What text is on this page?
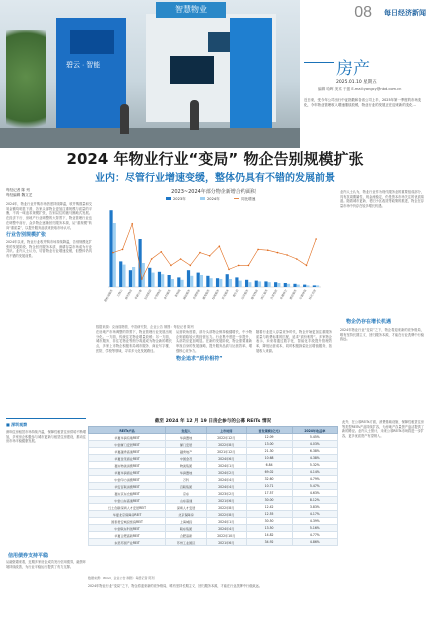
碧云 · 智能
智慧物业	08 每日经济新闻
房产
2025.01.10 星期五
编辑 哈晖 美术 于振 E-mail:yangcy@nbd.com.cn
近日来，受今年公司出行中证指数和各省公司上半，2025年第一季度的市场变化，今年物业管理收入增速继续放缓，物业行业的发展正在迎来新的变化…
2024 年物业行业“变局” 物企告别规模扩张
业内：尽管行业增速变缓，整体仍具有不错的发展前景
每经记者 陈 列
每经编辑 魏文艺
2024年，物业行业并购市场热度持续降温，收并购数量和交易金额均明显下滑，各家头部物企更加注重规模与质量的平衡，不再一味追求规模扩张，告别以往的跑马圈地式发展。在经济下行、房地产行业调整的大背景下，物业管理行业也在调整中前行，众多物企逐渐回归服务本源，从“重规模”转向“重质量”，以提升服务品质来获取市场认可。
行业告别规模扩张
2024年以来，物业行业收并购市场持续降温，告别规模化扩张的发展阶段，物企回归服务本质、深耕存量市场成为行业共识。业内人士认为，尽管物业行业增速变缓，但整体仍具有不错的发展前景。
2023~2024年部分物企新增合约面积
2023年	2024年	同比增速
碧桂园服务 万物云 保利物业 华润万象 招商积余 中海物业 金科服务 新城悦 融创服务 龙湖智创 越秀服务 绿城服务 世茂服务 雅生活 远洋服务 建发物业 滨江服务 合景悠活 卓越商企 德信服务 中骏商管 时代邻里
在房地产市场调整的背景下，物业管理行业发展出现分化。一方面，传统住宅物业增量放缓；另一方面，城市服务、非住宅物业等细分赛道成为物企新的增长点，多家上市物企积极布局城市服务、商业写字楼、医院、学校等领域，寻求多元化发展路径。
从营收角度看，部分头部物企保持稳健增长，中小物企则面临较大的经营压力。行业集中度进一步提升，头部效应更加明显。在新的发展阶段，物企需要重新审视自身的发展战略，提升服务品质与运营效率，增强核心竞争力。
物企追求“质价相符”
随着行业进入存量竞争时代，物企开始更加注重服务质量与收费标准的匹配，追求“质价相符”。多家物企表示，未来将通过数字化、智能化手段提升管理效率，降低运营成本，同时积极探索社区增值服务，拓展收入来源。
业内人士认为，物业行业作为现代服务业的重要组成部分，具有抗周期属性，现金流稳定，仍是资本市场关注的优质赛道。随着城市更新、老旧小区改造等政策的推进，物企在存量市场中仍存在较多增长机遇。
物企仍存在增长机遇
2024年物业行业“变局”之下，物企将迎来新的竞争格局，唯有坚持长期主义、回归服务本源，才能在行业洗牌中行稳致远。
■ 深圳观察
深圳住房租赁市场持续升温，保障性租赁住房供给不断增加，多家房企积极参与城市更新与租赁住房建设，推动住房市场平稳健康发展。
信用债券支持平稳
从融资端来看，近期多家房企成功发行信用债券，融资环境持续改善，为行业平稳运行提供了有力支撑。
截至 2024 年 12 月 19 日房企参与的公募 REITs 情况
REITs产品	发起人	上市时间	首发规模(亿元)	2024年收益率
华夏华润有巢REIT	华润置地	2022年12月	12.09	5.45%
中金厦门安居REIT	厦门安居	2022年8月	13.00	4.03%
华夏越秀高速REIT	越秀地产	2021年12月	21.30	6.38%
华夏金茂商业REIT	中国金茂	2024年6月	10.68	4.38%
嘉实物美消费REIT	物美集团	2024年1月	6.84	5.32%
华夏华润商业REIT	华润置地	2024年2月	69.02	4.14%
中金印力消费REIT	万科	2024年4月	32.60	4.79%
华安百联消费REIT	百联集团	2024年4月	10.71	5.47%
嘉实京东仓储REIT	京东	2023年2月	17.57	4.63%
中金山东高速REIT	山东高速	2021年6月	30.00	8.12%
红土创新深圳人才安居REIT	深圳人才安居	2022年8月	12.42	3.83%
华夏北京保障房REIT	北京保障房	2022年8月	12.55	4.17%
国泰君安城投宽庭REIT	上海城投	2024年1月	30.50	4.39%
中金联东科创REIT	联东集团	2024年4月	13.50	5.16%
华夏合肥高新REIT	合肥高新	2022年10月	14.82	4.77%
东吴苏园产业REIT	苏州工业园区	2021年6月	34.92	4.86%
数据来源：Wind、企业公告 制图：每经记者 陈列
此外，在公募REITs方面，消费基础设施、保障性租赁住房等类型REITs产品持续扩容，为房地产存量资产盘活提供了新的路径。业内人士预计，未来公募REITs市场将进一步扩容，更多优质资产有望纳入。
2024年物业行业“变局”之下，物企将迎来新的竞争格局，唯有坚持长期主义、回归服务本源，才能在行业洗牌中行稳致远。
数据来源：克而瑞物管、中指研究院、企业公告 制图：每经记者 陈列
